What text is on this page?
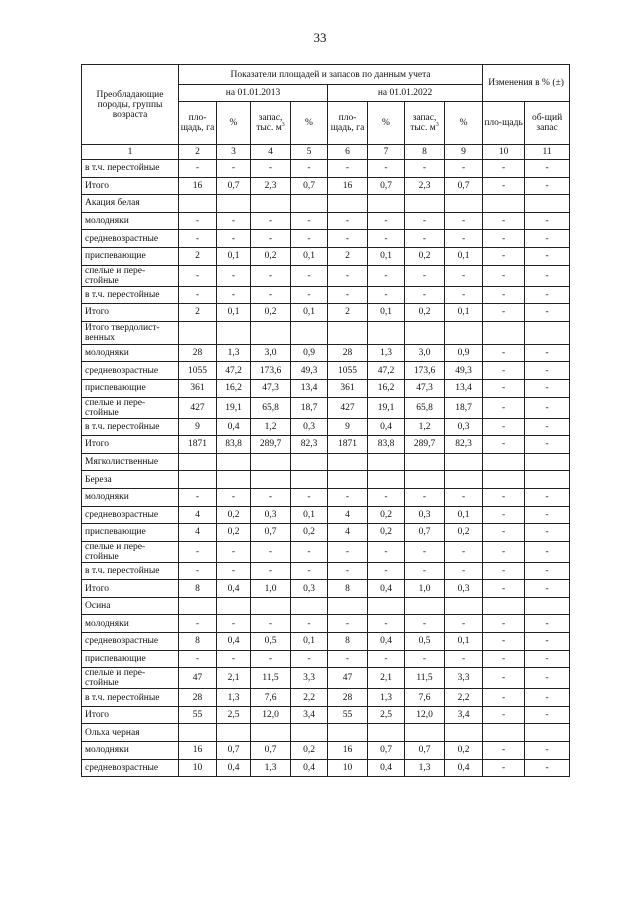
33
Преобладающие породы, группы возраста	Показатели площадей и запасов по данным учета								Изменения в % (±)	
	на 01.01.2013				на 01.01.2022					
	пло-щадь, га	%	запас, тыс. $м^3$	%	пло-щадь, га	%	запас, тыс. $м^3$	%	пло-щадь	об-щий запас
1	2	3	4	5	6	7	8	9	10	11
в т.ч. перестойные	-	-	-	-	-	-	-	-	-	-
Итого	16	0,7	2,3	0,7	16	0,7	2,3	0,7	-	-
Акация белая										
молодняки	-	-	-	-	-	-	-	-	-	-
средневозрастные	-	-	-	-	-	-	-	-	-	-
приспевающие	2	0,1	0,2	0,1	2	0,1	0,2	0,1	-	-
спелые и пере-стойные	-	-	-	-	-	-	-	-	-	-
в т.ч. перестойные	-	-	-	-	-	-	-	-	-	-
Итого	2	0,1	0,2	0,1	2	0,1	0,2	0,1	-	-
Итого твердолист-венных										
молодняки	28	1,3	3,0	0,9	28	1,3	3,0	0,9	-	-
средневозрастные	1055	47,2	173,6	49,3	1055	47,2	173,6	49,3	-	-
приспевающие	361	16,2	47,3	13,4	361	16,2	47,3	13,4	-	-
спелые и пере-стойные	427	19,1	65,8	18,7	427	19,1	65,8	18,7	-	-
в т.ч. перестойные	9	0,4	1,2	0,3	9	0,4	1,2	0,3	-	-
Итого	1871	83,8	289,7	82,3	1871	83,8	289,7	82,3	-	-
Мягколиственные										
Береза										
молодняки	-	-	-	-	-	-	-	-	-	-
средневозрастные	4	0,2	0,3	0,1	4	0,2	0,3	0,1	-	-
приспевающие	4	0,2	0,7	0,2	4	0,2	0,7	0,2	-	-
спелые и пере-стойные	-	-	-	-	-	-	-	-	-	-
в т.ч. перестойные	-	-	-	-	-	-	-	-	-	-
Итого	8	0,4	1,0	0,3	8	0,4	1,0	0,3	-	-
Осина										
молодняки	-	-	-	-	-	-	-	-	-	-
средневозрастные	8	0,4	0,5	0,1	8	0,4	0,5	0,1	-	-
приспевающие	-	-	-	-	-	-	-	-	-	-
спелые и пере-стойные	47	2,1	11,5	3,3	47	2,1	11,5	3,3	-	-
в т.ч. перестойные	28	1,3	7,6	2,2	28	1,3	7,6	2,2	-	-
Итого	55	2,5	12,0	3,4	55	2,5	12,0	3,4	-	-
Ольха черная										
молодняки	16	0,7	0,7	0,2	16	0,7	0,7	0,2	-	-
средневозрастные	10	0,4	1,3	0,4	10	0,4	1,3	0,4	-	-
